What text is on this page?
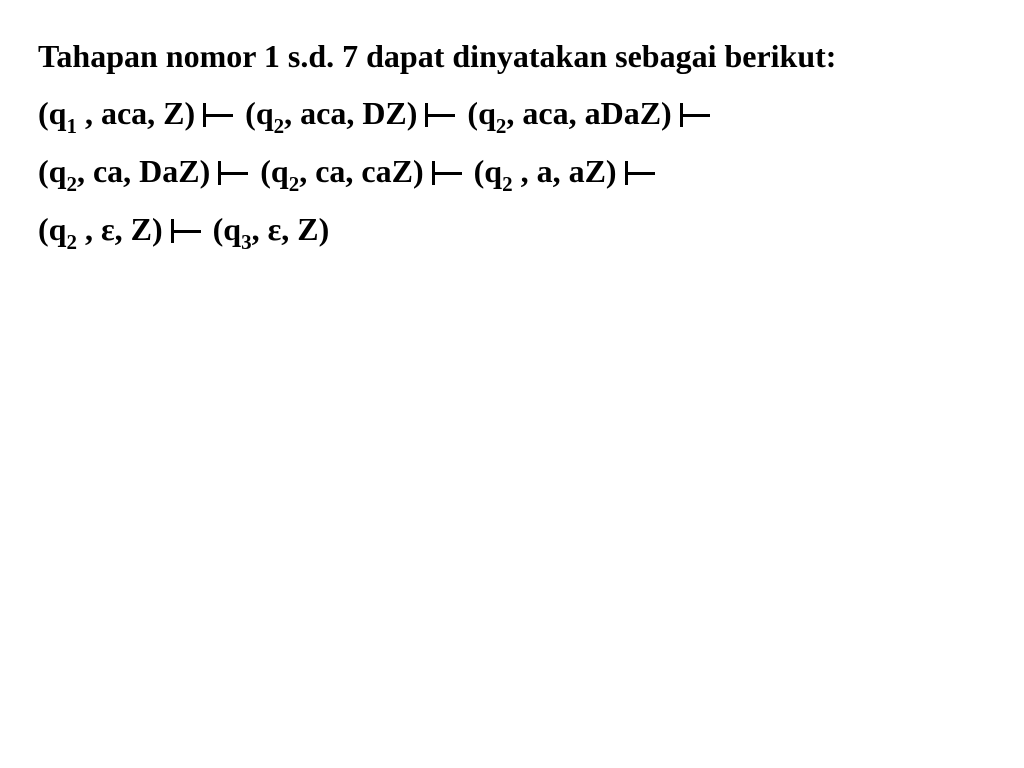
Tahapan nomor 1 s.d. 7 dapat dinyatakan sebagai berikut:

($q_1$ , aca, Z) ($q_2$, aca, DZ) ($q_2$, aca, aDaZ)
($q_2$, ca, DaZ) ($q_2$, ca, caZ) ($q_2$ , a, aZ)
($q_2$ , ε, Z) ($q_3$, ε, Z)
